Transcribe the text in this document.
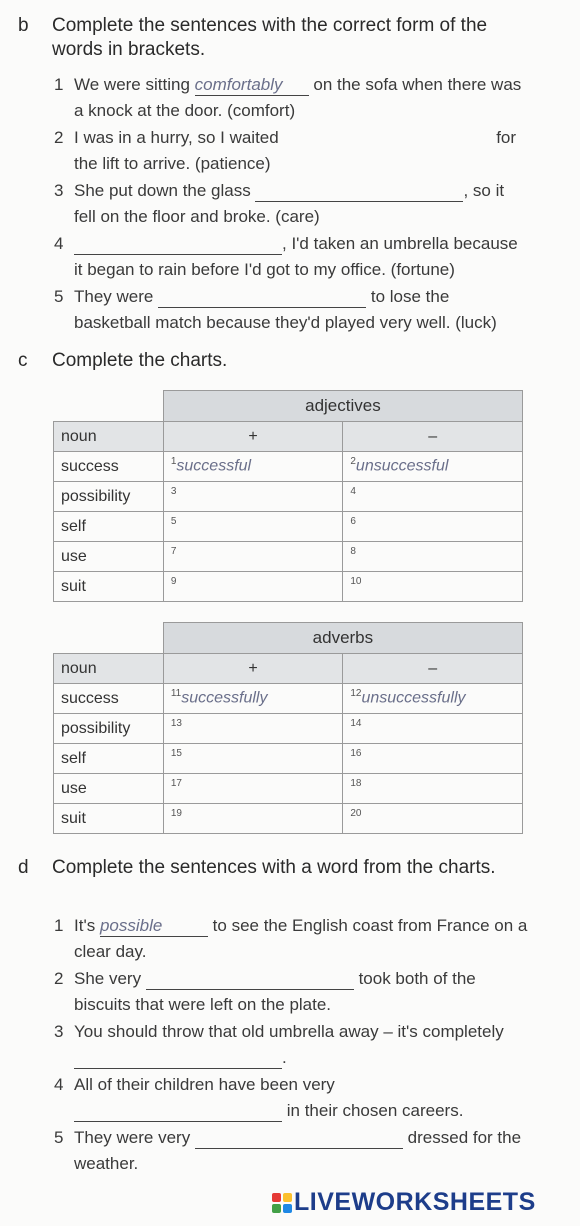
b Complete the sentences with the correct form of the words in brackets.
1 We were sitting comfortably on the sofa when there was a knock at the door. (comfort)
2 I was in a hurry, so I waited	for the lift to arrive. (patience)
3 She put down the glass	, so it fell on the floor and broke. (care)
4	, I'd taken an umbrella because it began to rain before I'd got to my office. (fortune)
5 They were	to lose the basketball match because they'd played very well. (luck)
c Complete the charts.
	adjectives	
noun	+	–
success	$^1$successful	$^2$unsuccessful
possibility	$^3$	$^4$
self	$^5$	$^6$
use	$^7$	$^8$
suit	$^9$	$^{10}$
	adverbs	
noun	+	–
success	$^{11}$successfully	$^{12}$unsuccessfully
possibility	$^{13}$	$^{14}$
self	$^{15}$	$^{16}$
use	$^{17}$	$^{18}$
suit	$^{19}$	$^{20}$
d Complete the sentences with a word from the charts.
1 It's possible	to see the English coast from France on a clear day.
2 She very	took both of the biscuits that were left on the plate.
3 You should throw that old umbrella away – it's completely .
4 All of their children have been very  in their chosen careers.
5 They were very	dressed for the weather.
LIVEWORKSHEETS
